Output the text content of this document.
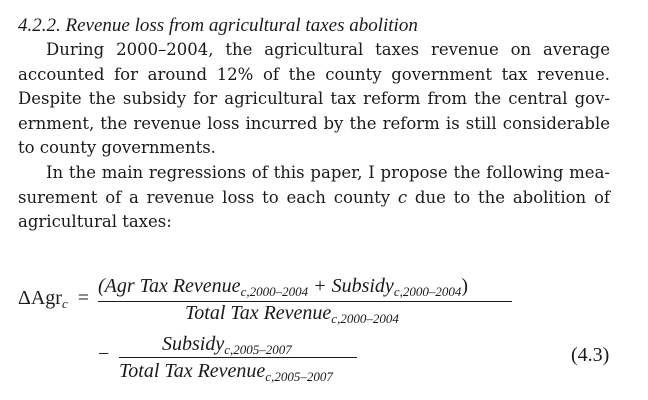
4.2.2. Revenue loss from agricultural taxes abolition
During 2000–2004, the agricultural taxes revenue on average
accounted for around 12% of the county government tax revenue.
Despite the subsidy for agricultural tax reform from the central gov-
ernment, the revenue loss incurred by the reform is still considerable
to county governments.
In the main regressions of this paper, I propose the following mea-
surement of a revenue loss to each county c due to the abolition of
agricultural taxes:
ΔAgr$_c$ =
(Agr Tax Revenue$_{c,2000-2004}$ + Subsidy$_{c,2000-2004}$)
Total Tax Revenue$_{c,2000-2004}$
−	Subsidy$_{c,2005-2007}$
Total Tax Revenue$_{c,2005-2007}$
(4.3)
